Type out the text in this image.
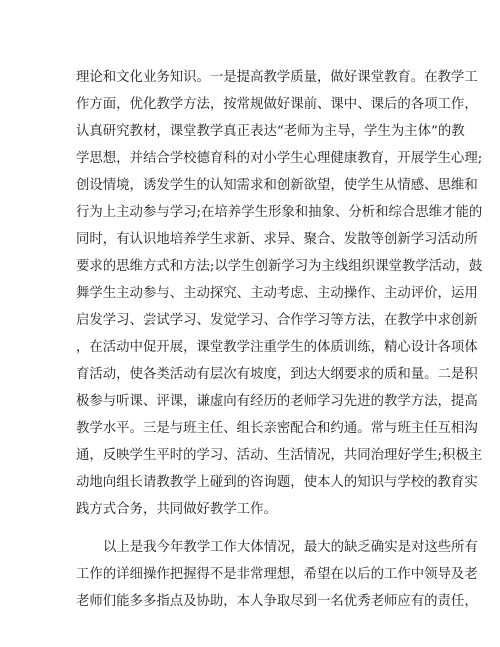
理论和文化业务知识。一是提高教学质量，做好课堂教育。在教学工
作方面，优化教学方法，按常规做好课前、课中、课后的各项工作，
认真研究教材，课堂教学真正表达“老师为主导，学生为主体”的教
学思想，并结合学校德育科的对小学生心理健康教育，开展学生心理;
创设情境，诱发学生的认知需求和创新欲望，使学生从情感、思维和
行为上主动参与学习;在培养学生形象和抽象、分析和综合思维才能的
同时，有认识地培养学生求新、求异、聚合、发散等创新学习活动所
要求的思维方式和方法;以学生创新学习为主线组织课堂教学活动，鼓
舞学生主动参与、主动探究、主动考虑、主动操作、主动评价，运用
启发学习、尝试学习、发觉学习、合作学习等方法，在教学中求创新
，在活动中促开展，课堂教学注重学生的体质训练，精心设计各项体
育活动，使各类活动有层次有坡度，到达大纲要求的质和量。二是积
极参与听课、评课，谦虚向有经历的老师学习先进的教学方法，提高
教学水平。三是与班主任、组长亲密配合和约通。常与班主任互相沟
通，反映学生平时的学习、活动、生活情况，共同治理好学生;积极主
动地向组长请教教学上碰到的咨询题，使本人的知识与学校的教育实
践方式合务，共同做好教学工作。
以上是我今年教学工作大体情况，最大的缺乏确实是对这些所有
工作的详细操作把握得不是非常理想，希望在以后的工作中领导及老
老师们能多多指点及协助，本人争取尽到一名优秀老师应有的责任，
